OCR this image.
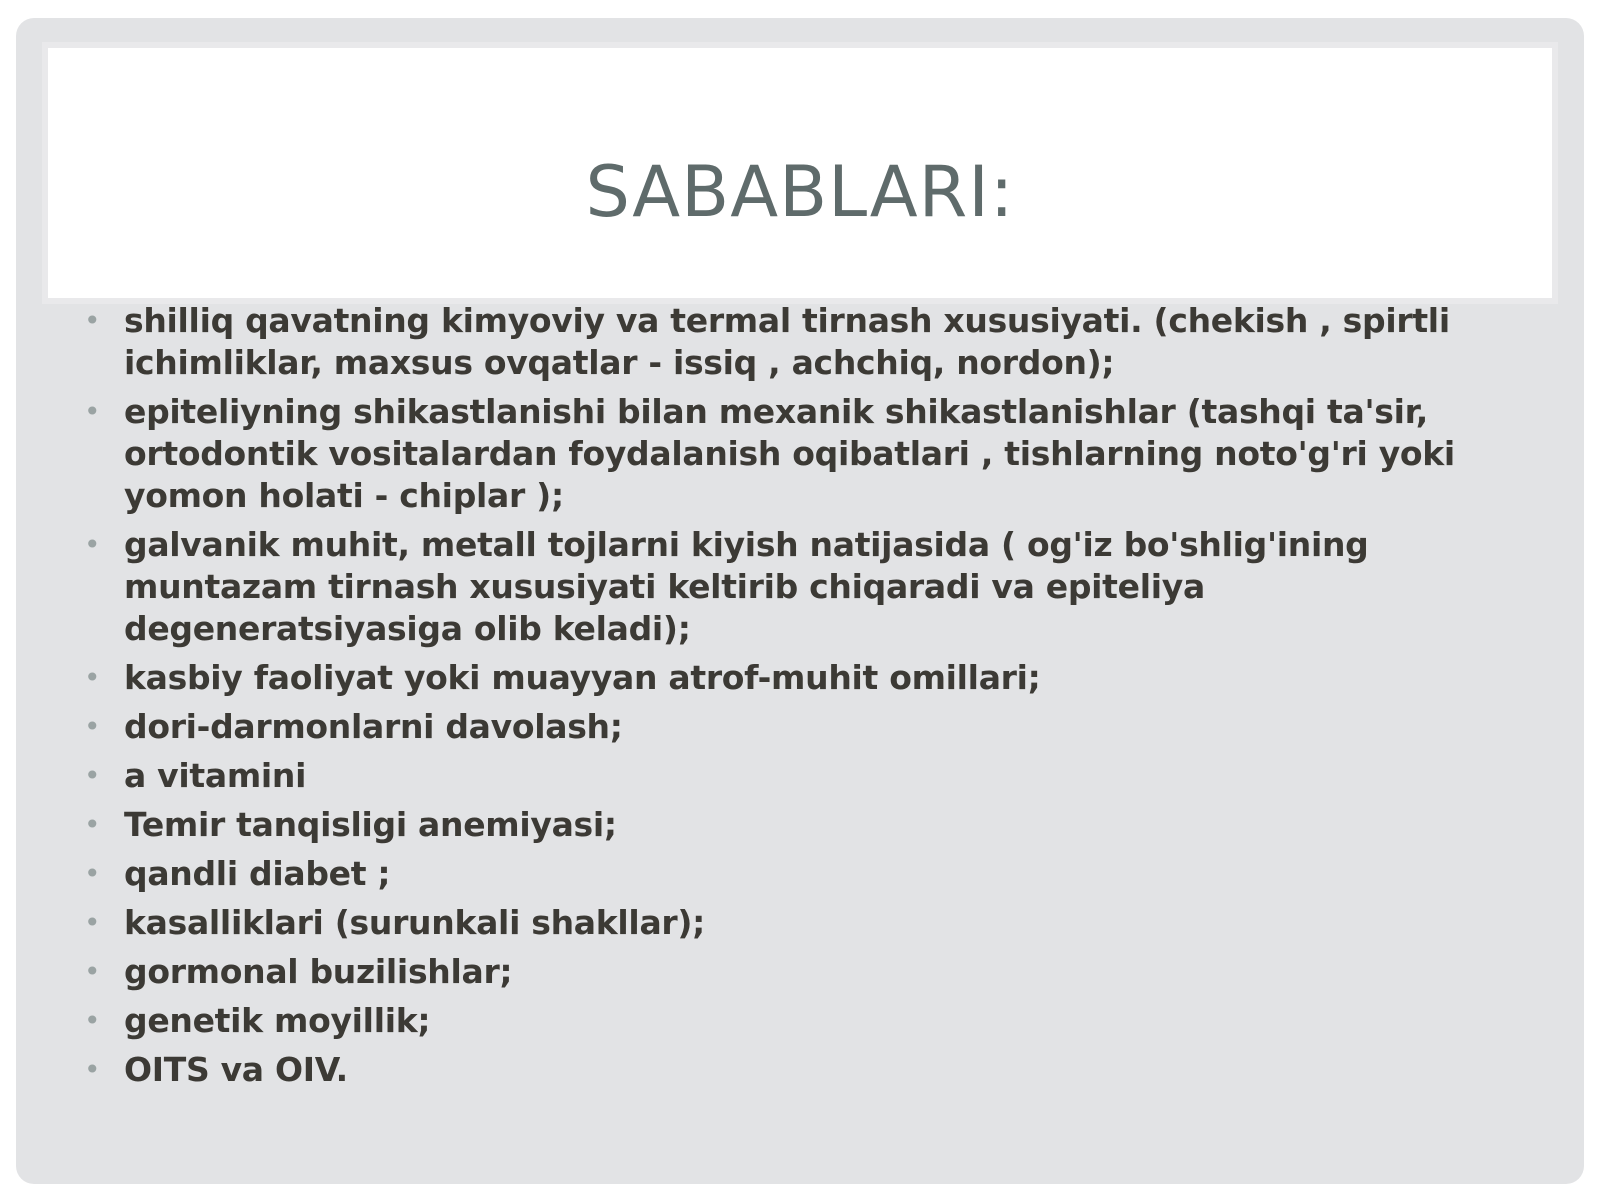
SABABLARI:
• shilliq qavatning kimyoviy va termal tirnash xususiyati. (chekish , spirtli ichimliklar, maxsus ovqatlar - issiq , achchiq, nordon);
• epiteliyning shikastlanishi bilan mexanik shikastlanishlar (tashqi ta'sir, ortodontik vositalardan foydalanish oqibatlari , tishlarning noto'g'ri yoki yomon holati - chiplar );
• galvanik muhit, metall tojlarni kiyish natijasida ( og'iz bo'shlig'ining muntazam tirnash xususiyati keltirib chiqaradi va epiteliya degeneratsiyasiga olib keladi);
• kasbiy faoliyat yoki muayyan atrof-muhit omillari;
• dori-darmonlarni davolash;
• a vitamini
• Temir tanqisligi anemiyasi;
• qandli diabet ;
• kasalliklari (surunkali shakllar);
• gormonal buzilishlar;
• genetik moyillik;
• OITS va OIV.
